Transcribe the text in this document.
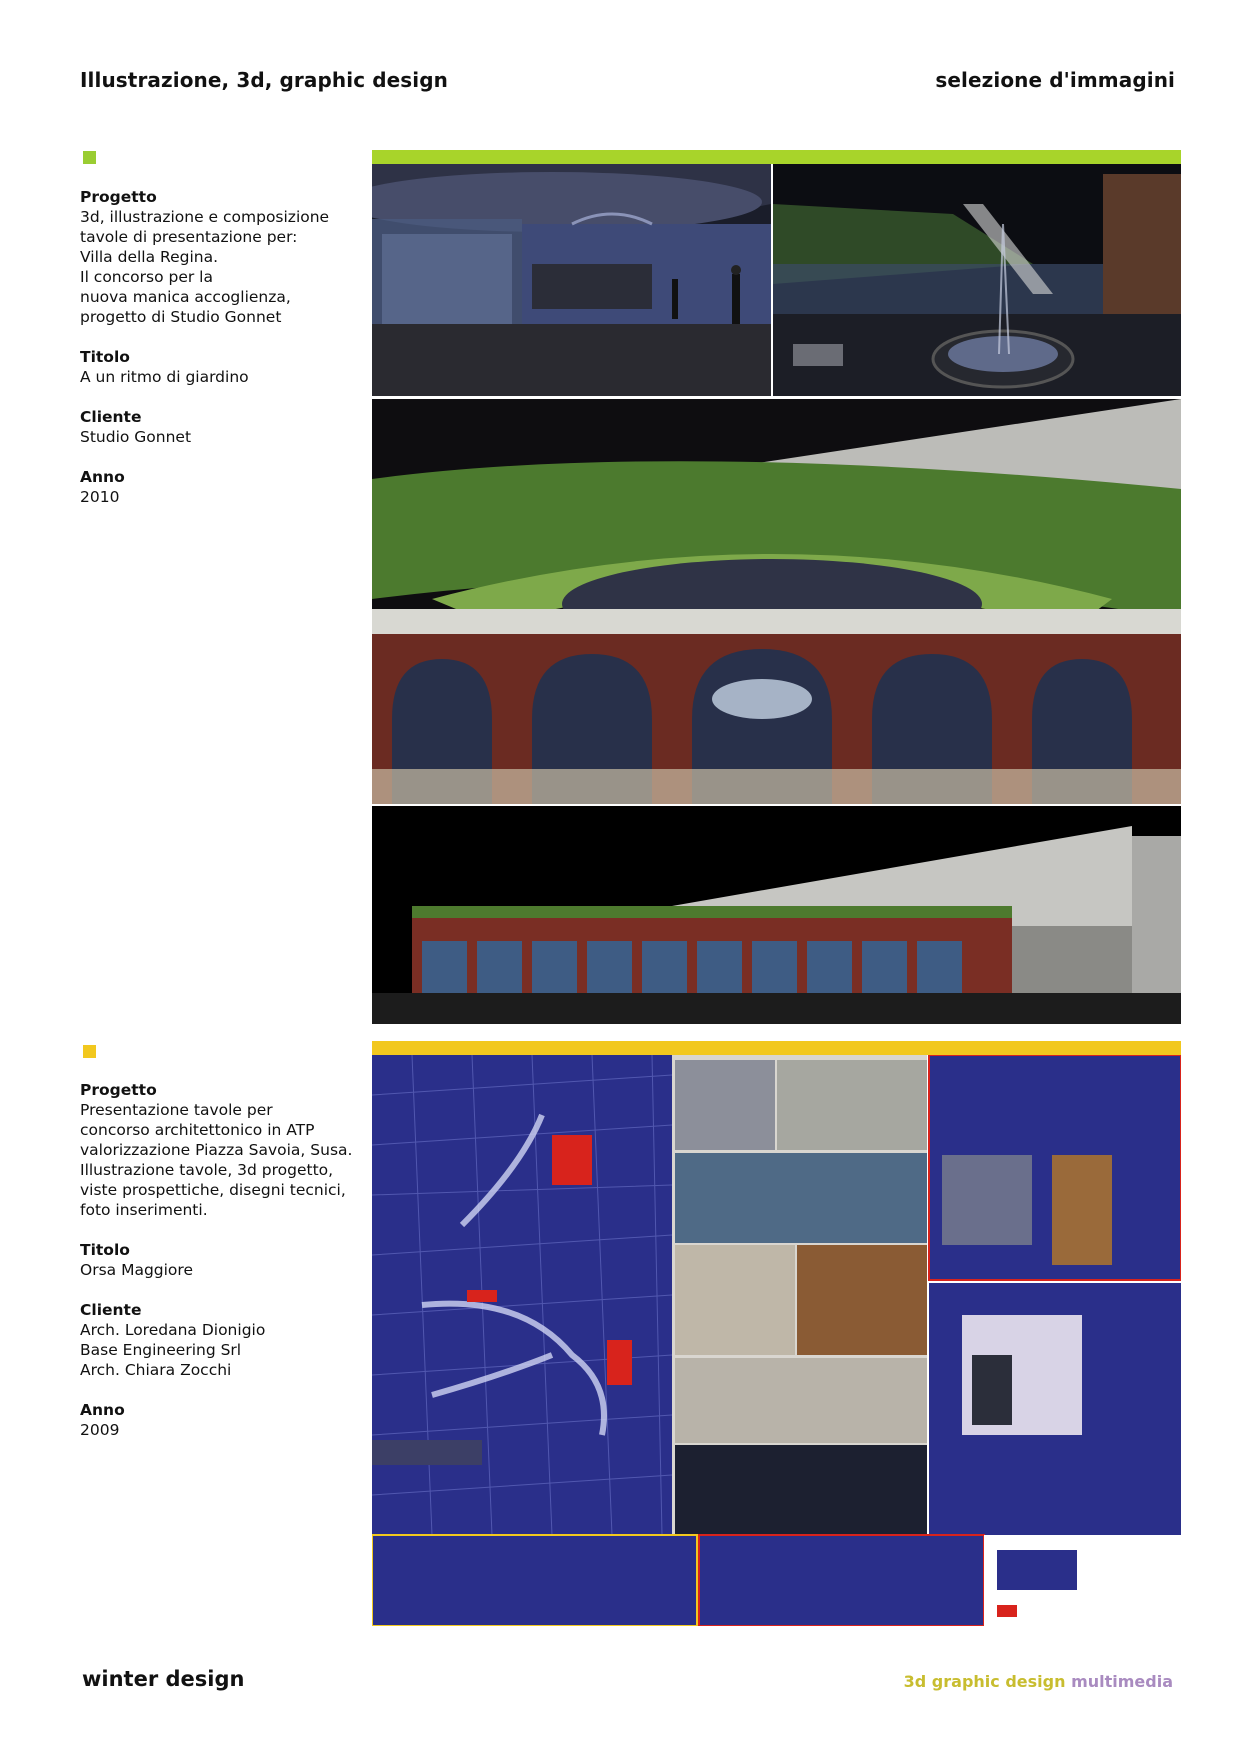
Illustrazione, 3d, graphic design	selezione d'immagini
Progetto
3d, illustrazione e composizione
tavole di presentazione per:
Villa della Regina.
Il concorso per la
nuova manica accoglienza,
progetto di Studio Gonnet
Titolo
A un ritmo di giardino
Cliente
Studio Gonnet
Anno
2010
Progetto
Presentazione tavole per
concorso architettonico in ATP
valorizzazione Piazza Savoia, Susa.
Illustrazione tavole, 3d progetto,
viste prospettiche, disegni tecnici,
foto inserimenti.
Titolo
Orsa Maggiore
Cliente
Arch. Loredana Dionigio
Base Engineering Srl
Arch. Chiara Zocchi
Anno
2009
winter design	3d graphic design multimedia
